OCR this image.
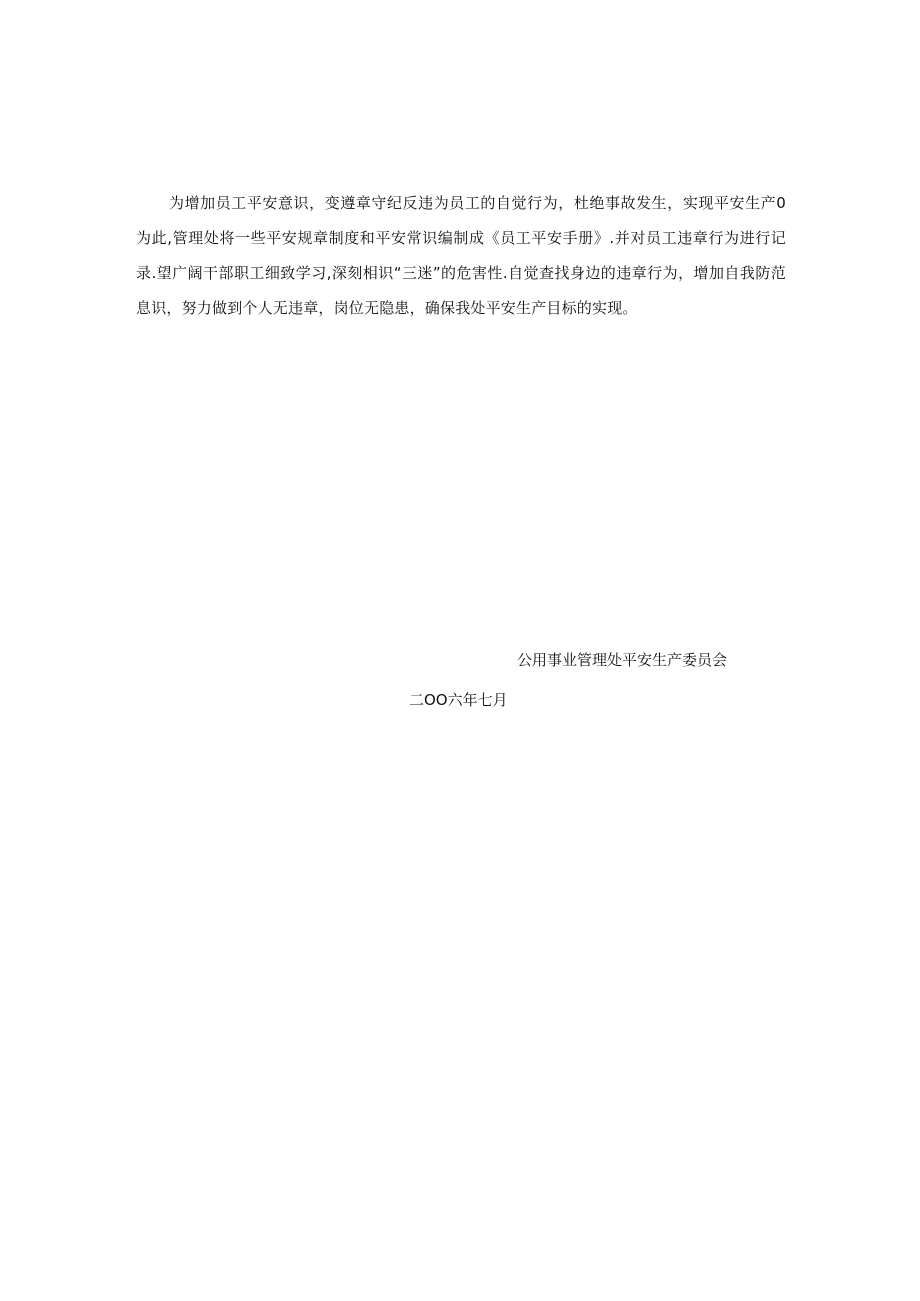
为增加员工平安意识，变遵章守纪反违为员工的自觉行为，杜绝事故发生，实现平安生产0为此,管理处将一些平安规章制度和平安常识编制成《员工平安手册》.并对员工违章行为进行记录.望广阔干部职工细致学习,深刻相识“三迷”的危害性.自觉查找身边的违章行为，增加自我防范息识，努力做到个人无违章，岗位无隐患，确保我处平安生产目标的实现。

公用事业管理处平安生产委员会
二OO六年七月
